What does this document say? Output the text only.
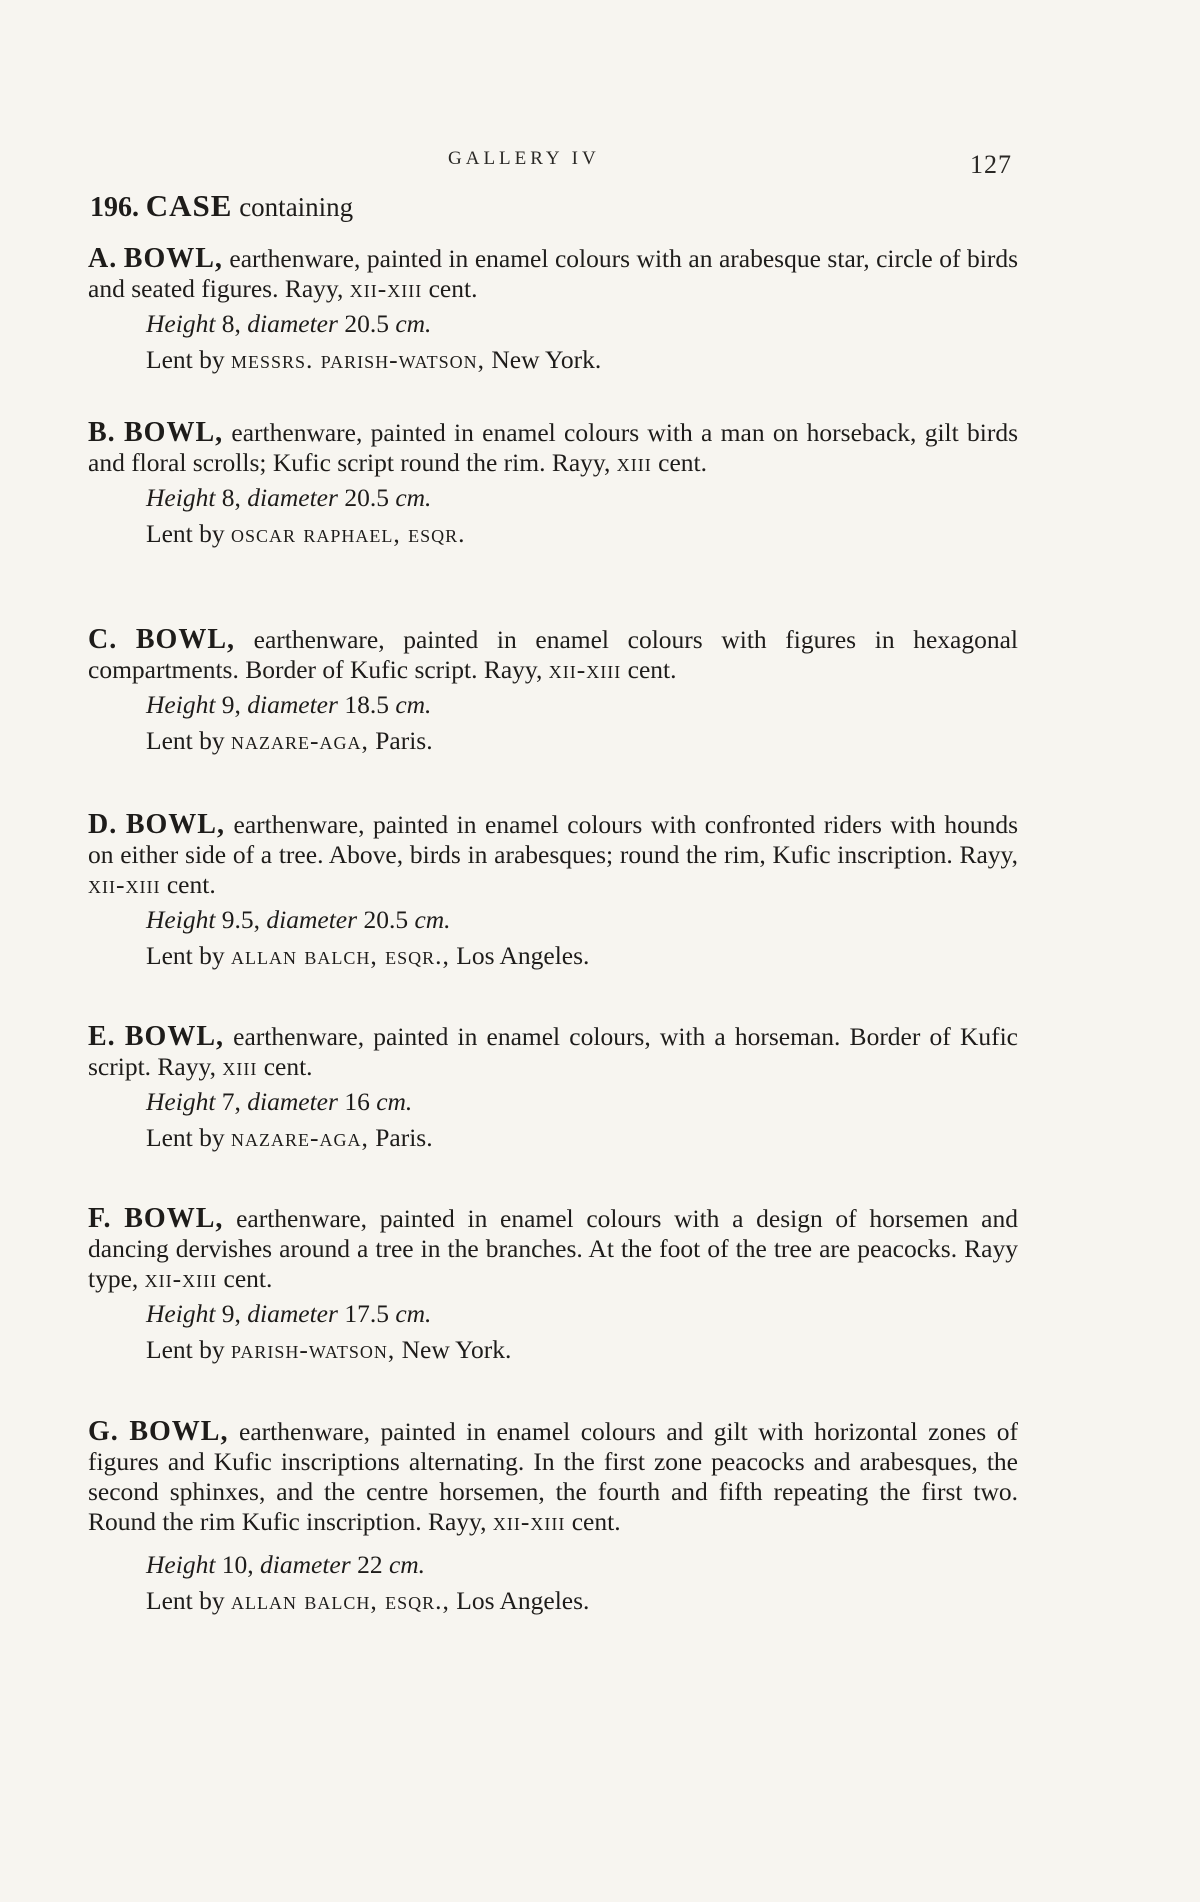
GALLERY IV	127
196. CASE containing

A. BOWL, earthenware, painted in enamel colours with an arabesque star, circle of birds and seated figures. Rayy, xii-xiii cent.

Height 8, diameter 20.5 cm.
Lent by messrs. parish-watson, New York.

B. BOWL, earthenware, painted in enamel colours with a man on horseback, gilt birds and floral scrolls; Kufic script round the rim. Rayy, xiii cent.

Height 8, diameter 20.5 cm.
Lent by oscar raphael, esqr.

C. BOWL, earthenware, painted in enamel colours with figures in hexagonal compartments. Border of Kufic script. Rayy, xii-xiii cent.

Height 9, diameter 18.5 cm.
Lent by nazare-aga, Paris.

D. BOWL, earthenware, painted in enamel colours with confronted riders with hounds on either side of a tree. Above, birds in arabesques; round the rim, Kufic inscription. Rayy, xii-xiii cent.

Height 9.5, diameter 20.5 cm.
Lent by allan balch, esqr., Los Angeles.

E. BOWL, earthenware, painted in enamel colours, with a horseman. Border of Kufic script. Rayy, xiii cent.

Height 7, diameter 16 cm.
Lent by nazare-aga, Paris.

F. BOWL, earthenware, painted in enamel colours with a design of horsemen and dancing dervishes around a tree in the branches. At the foot of the tree are peacocks. Rayy type, xii-xiii cent.

Height 9, diameter 17.5 cm.
Lent by parish-watson, New York.

G. BOWL, earthenware, painted in enamel colours and gilt with horizontal zones of figures and Kufic inscriptions alternating. In the first zone peacocks and arabesques, the second sphinxes, and the centre horsemen, the fourth and fifth repeating the first two. Round the rim Kufic inscription. Rayy, xii-xiii cent.

Height 10, diameter 22 cm.
Lent by allan balch, esqr., Los Angeles.
